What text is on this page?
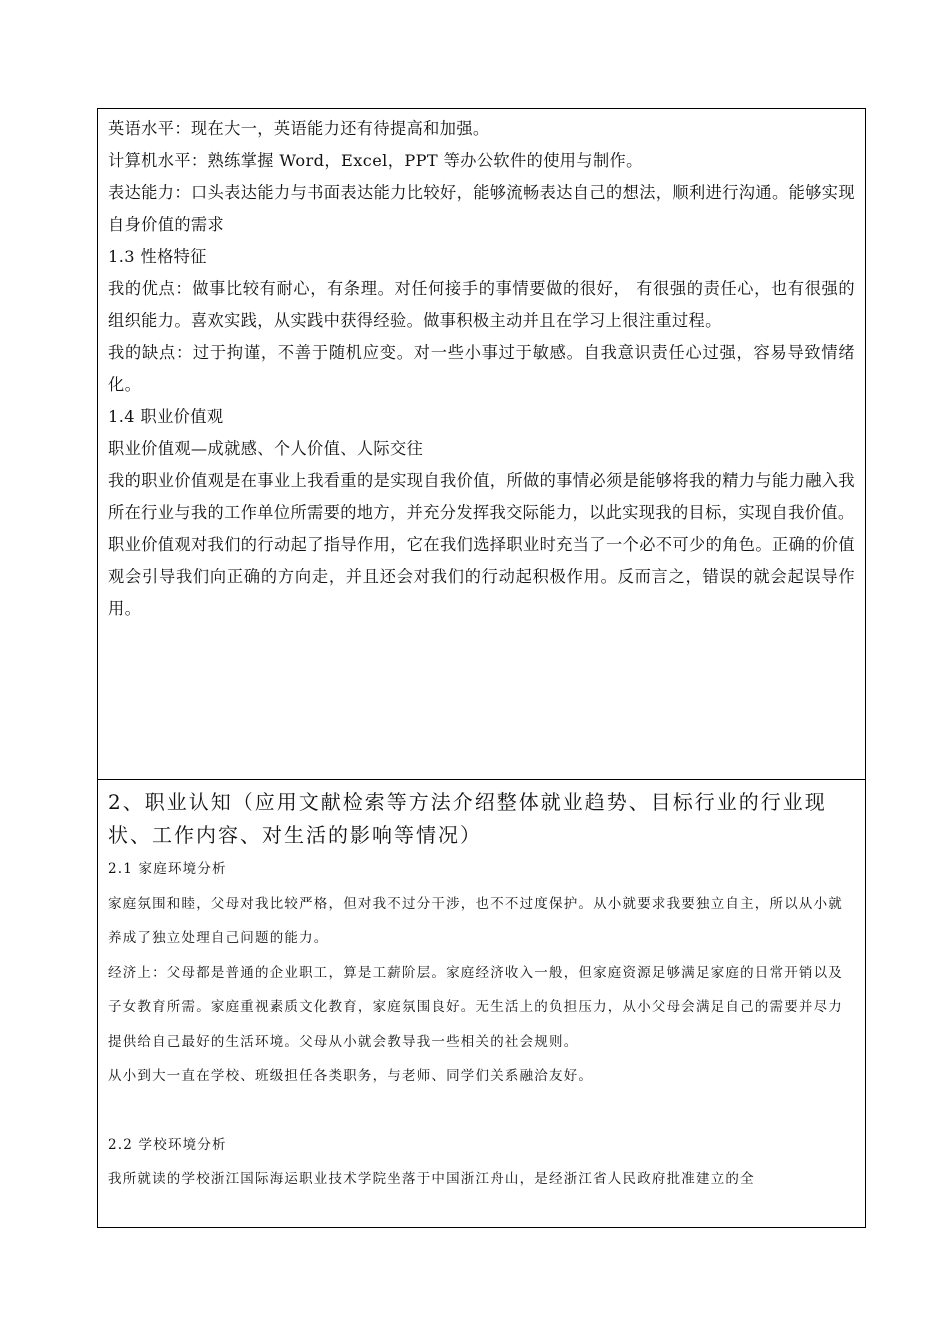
英语水平：现在大一，英语能力还有待提高和加强。

计算机水平：熟练掌握 Word，Excel，PPT 等办公软件的使用与制作。

表达能力：口头表达能力与书面表达能力比较好，能够流畅表达自己的想法，顺利进行沟通。能够实现自身价值的需求

1.3 性格特征

我的优点：做事比较有耐心，有条理。对任何接手的事情要做的很好， 有很强的责任心，也有很强的组织能力。喜欢实践，从实践中获得经验。做事积极主动并且在学习上很注重过程。

我的缺点：过于拘谨，不善于随机应变。对一些小事过于敏感。自我意识责任心过强，容易导致情绪化。

1.4 职业价值观

职业价值观—成就感、个人价值、人际交往

我的职业价值观是在事业上我看重的是实现自我价值，所做的事情必须是能够将我的精力与能力融入我所在行业与我的工作单位所需要的地方，并充分发挥我交际能力，以此实现我的目标，实现自我价值。

职业价值观对我们的行动起了指导作用，它在我们选择职业时充当了一个必不可少的角色。正确的价值观会引导我们向正确的方向走，并且还会对我们的行动起积极作用。反而言之，错误的就会起误导作用。

2、职业认知（应用文献检索等方法介绍整体就业趋势、目标行业的行业现状、工作内容、对生活的影响等情况）

2.1 家庭环境分析

家庭氛围和睦，父母对我比较严格，但对我不过分干涉，也不不过度保护。从小就要求我要独立自主，所以从小就养成了独立处理自己问题的能力。

经济上：父母都是普通的企业职工，算是工薪阶层。家庭经济收入一般，但家庭资源足够满足家庭的日常开销以及子女教育所需。家庭重视素质文化教育，家庭氛围良好。无生活上的负担压力，从小父母会满足自己的需要并尽力提供给自己最好的生活环境。父母从小就会教导我一些相关的社会规则。

从小到大一直在学校、班级担任各类职务，与老师、同学们关系融洽友好。

2.2 学校环境分析

我所就读的学校浙江国际海运职业技术学院坐落于中国浙江舟山，是经浙江省人民政府批准建立的全
